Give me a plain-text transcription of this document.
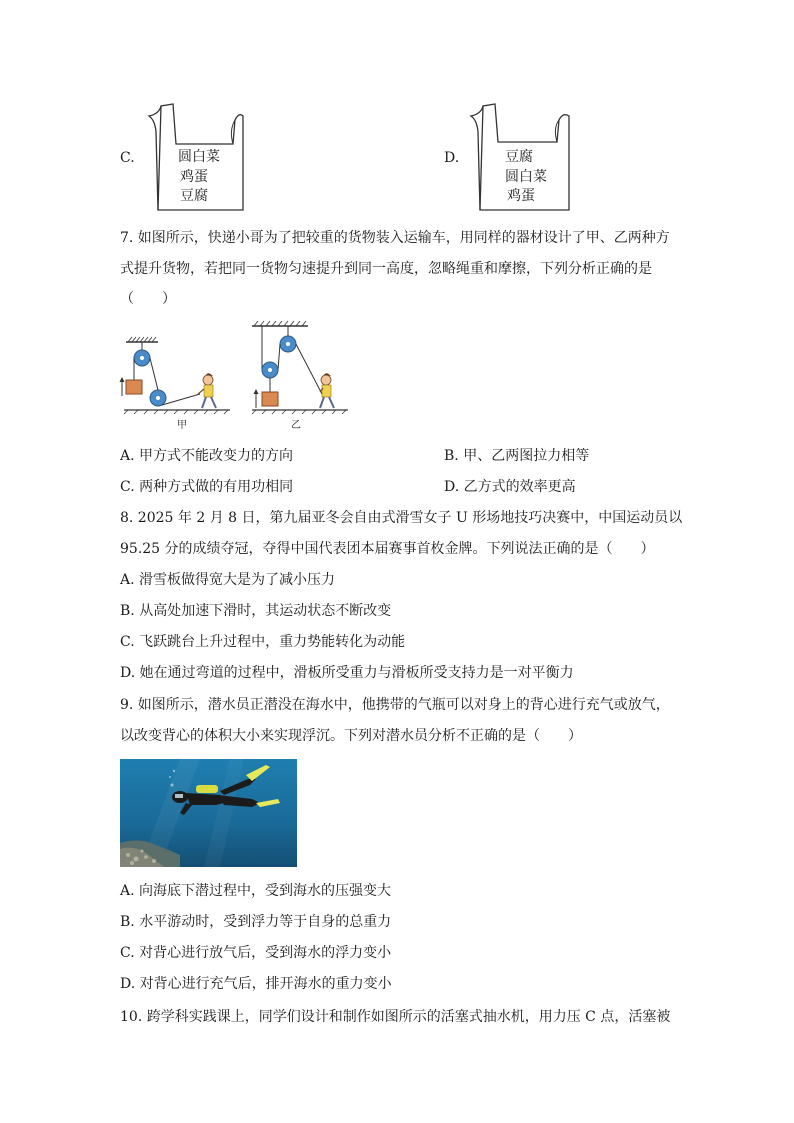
C.	圆白菜
鸡蛋
豆腐
D.	豆腐
圆白菜
鸡蛋
7. 如图所示，快递小哥为了把较重的货物装入运输车，用同样的器材设计了甲、乙两种方
式提升货物，若把同一货物匀速提升到同一高度，忽略绳重和摩擦，下列分析正确的是
（　　）
甲	乙
A. 甲方式不能改变力的方向	B. 甲、乙两图拉力相等
C. 两种方式做的有用功相同	D. 乙方式的效率更高
8. 2025 年 2 月 8 日，第九届亚冬会自由式滑雪女子 U 形场地技巧决赛中，中国运动员以
95.25 分的成绩夺冠，夺得中国代表团本届赛事首枚金牌。下列说法正确的是（　　）
A. 滑雪板做得宽大是为了减小压力
B. 从高处加速下滑时，其运动状态不断改变
C. 飞跃跳台上升过程中，重力势能转化为动能
D. 她在通过弯道的过程中，滑板所受重力与滑板所受支持力是一对平衡力
9. 如图所示，潜水员正潜没在海水中，他携带的气瓶可以对身上的背心进行充气或放气，
以改变背心的体积大小来实现浮沉。下列对潜水员分析不正确的是（　　）
A. 向海底下潜过程中，受到海水的压强变大
B. 水平游动时，受到浮力等于自身的总重力
C. 对背心进行放气后，受到海水的浮力变小
D. 对背心进行充气后，排开海水的重力变小
10. 跨学科实践课上，同学们设计和制作如图所示的活塞式抽水机，用力压 C 点，活塞被
